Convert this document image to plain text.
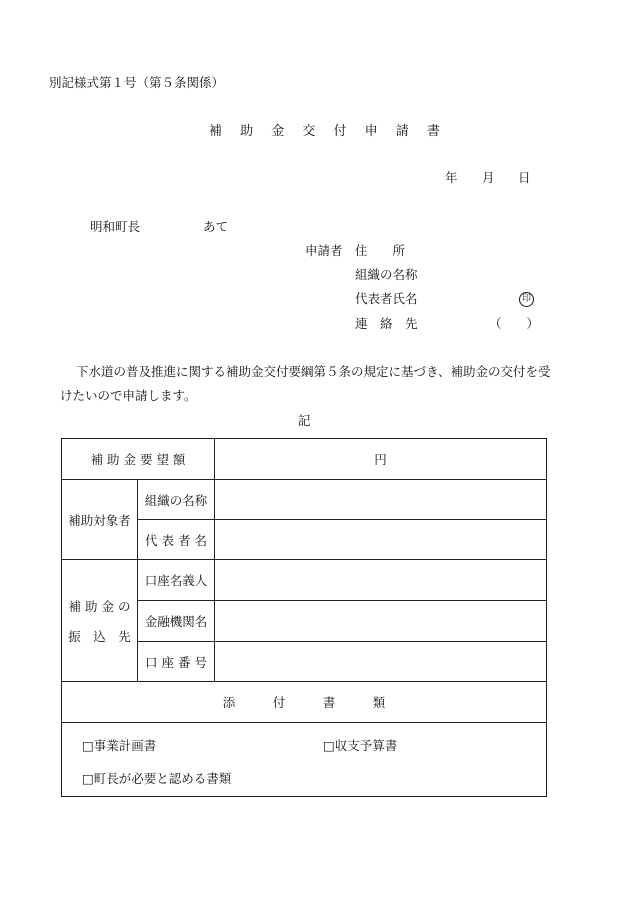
別記様式第１号（第５条関係）
補 助 金 交 付 申 請 書
年 月 日
明和町長	あて
申請者 住　　所
組織の名称
代表者氏名	印
連　絡　先	（　　）
下水道の普及推進に関する補助金交付要綱第５条の規定に基づき、補助金の交付を受
けたいので申請します。
記
補 助 金 要 望 額		円
補助対象者	組織の名称	
	代 表 者 名	

補 助 金 の
振　込　先	口座名義人	
	金融機関名	
	口 座 番 号	
添　　　付　　　書　　　類		

□事業計画書 □収支予算書
□町長が必要と認める書類		
